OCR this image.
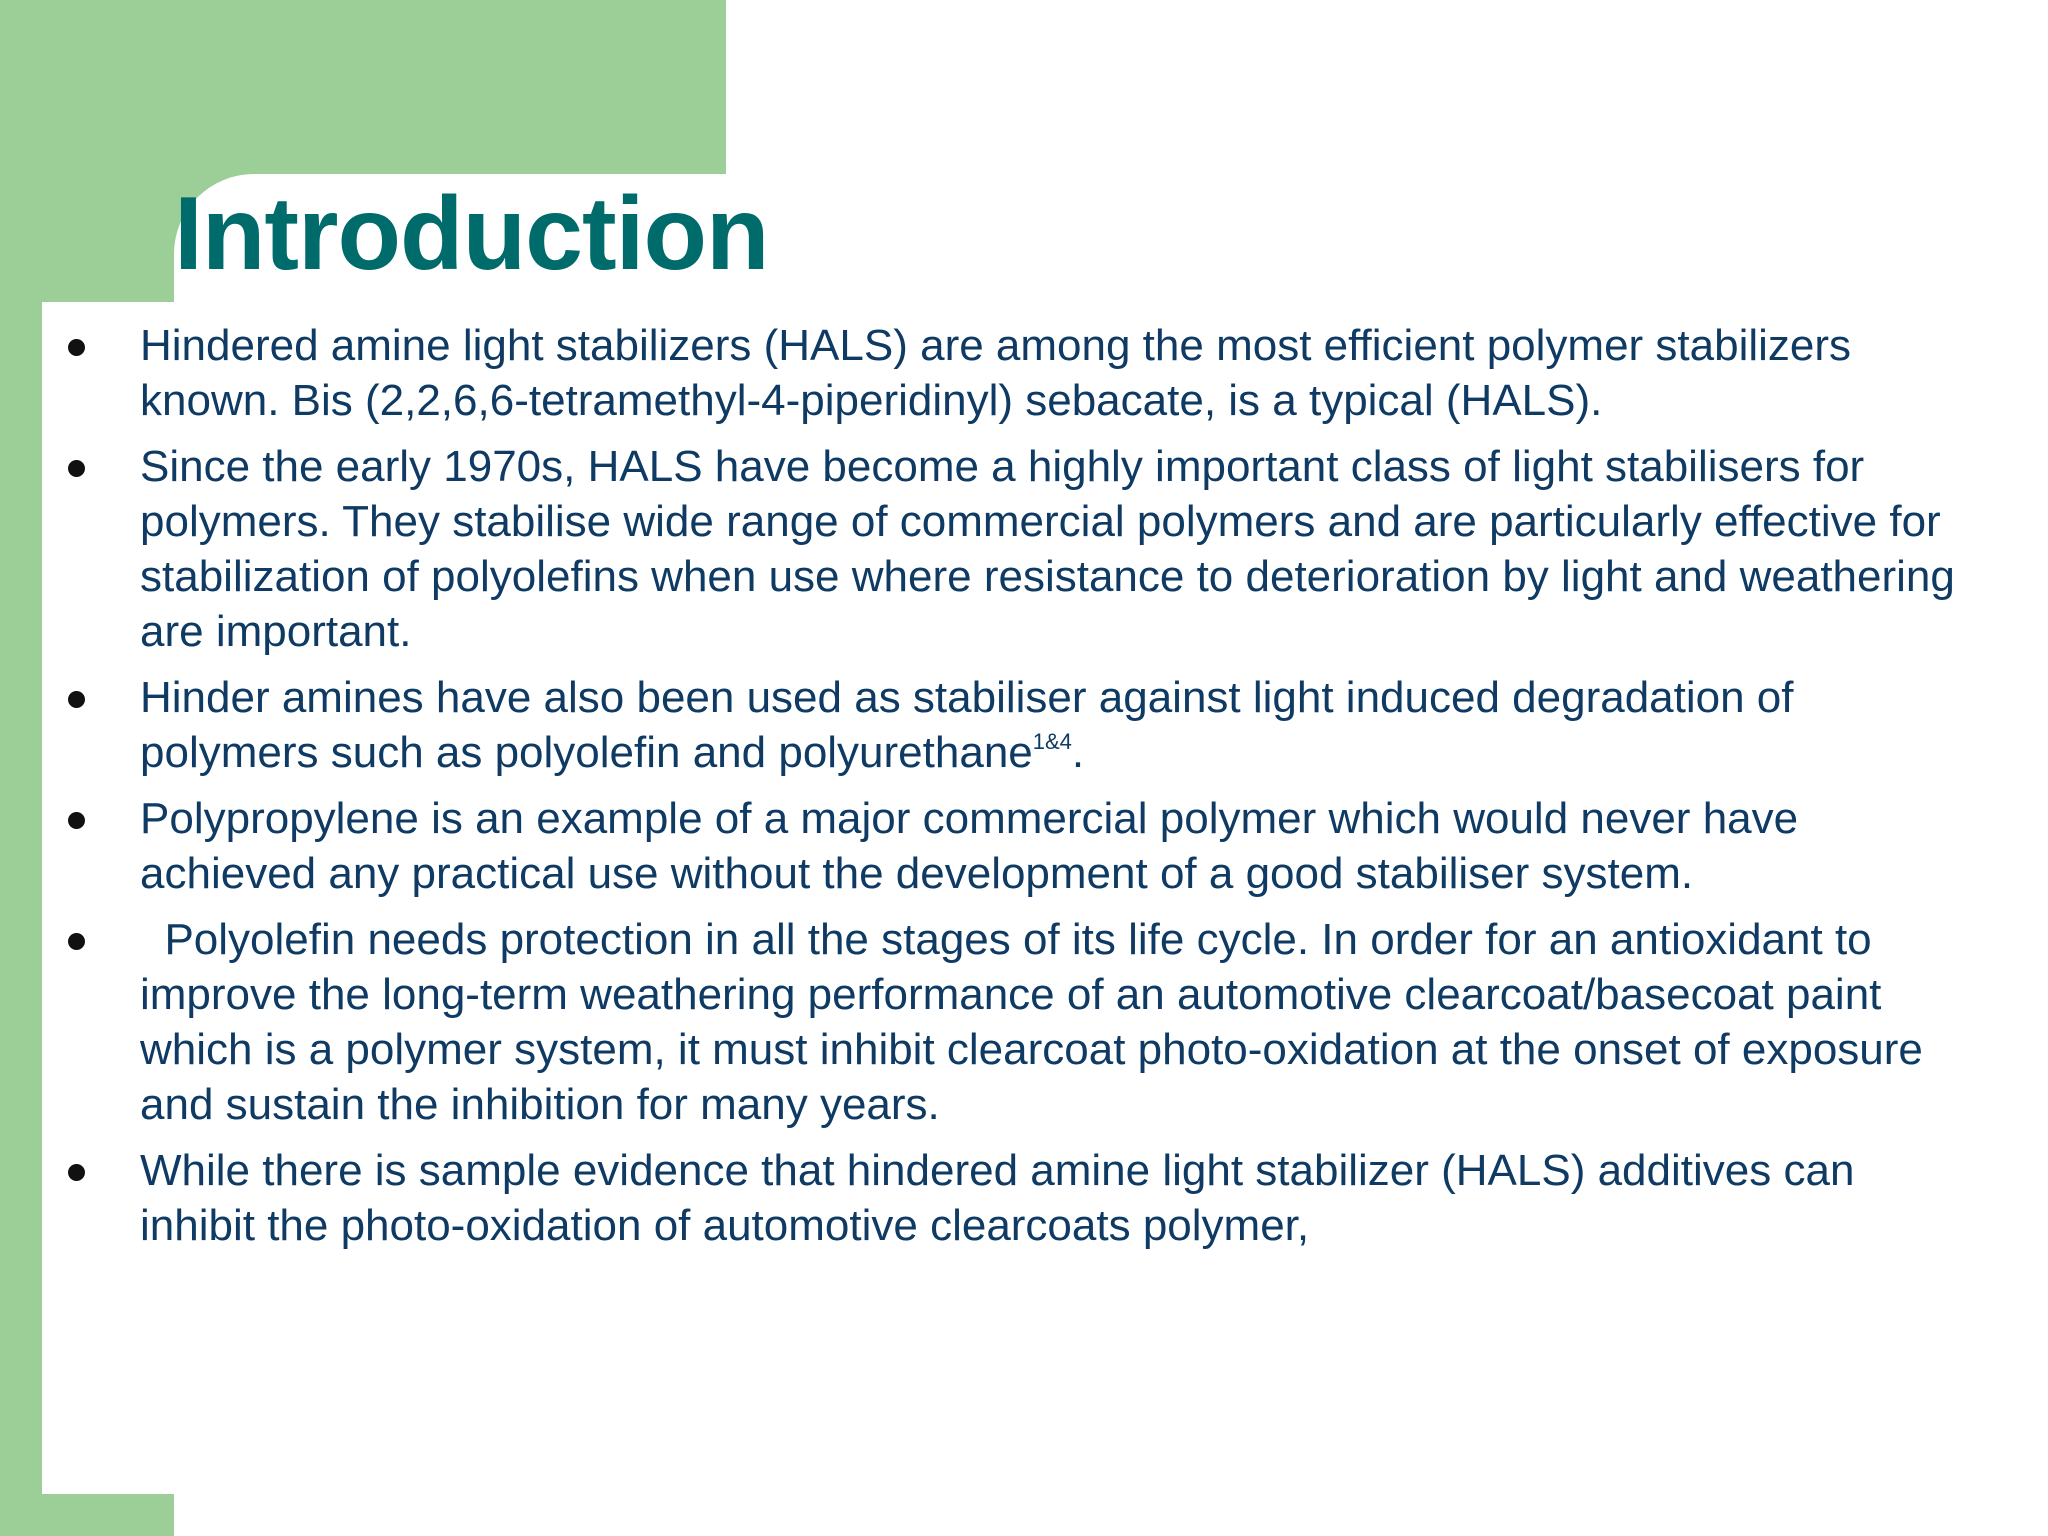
Introduction
Hindered amine light stabilizers (HALS) are among the most efficient polymer stabilizers known. Bis (2,2,6,6-tetramethyl-4-piperidinyl) sebacate, is a typical (HALS).
Since the early 1970s, HALS have become a highly important class of light stabilisers for polymers. They stabilise wide range of commercial polymers and are particularly effective for stabilization of polyolefins when use where resistance to deterioration by light and weathering are important.
Hinder amines have also been used as stabiliser against light induced degradation of polymers such as polyolefin and polyurethane$^{1\&4}$.
Polypropylene is an example of a major commercial polymer which would never have achieved any practical use without the development of a good stabiliser system.
Polyolefin needs protection in all the stages of its life cycle. In order for an antioxidant to improve the long-term weathering performance of an automotive clearcoat/basecoat paint which is a polymer system, it must inhibit clearcoat photo-oxidation at the onset of exposure and sustain the inhibition for many years.
While there is sample evidence that hindered amine light stabilizer (HALS) additives can inhibit the photo-oxidation of automotive clearcoats polymer,
4
